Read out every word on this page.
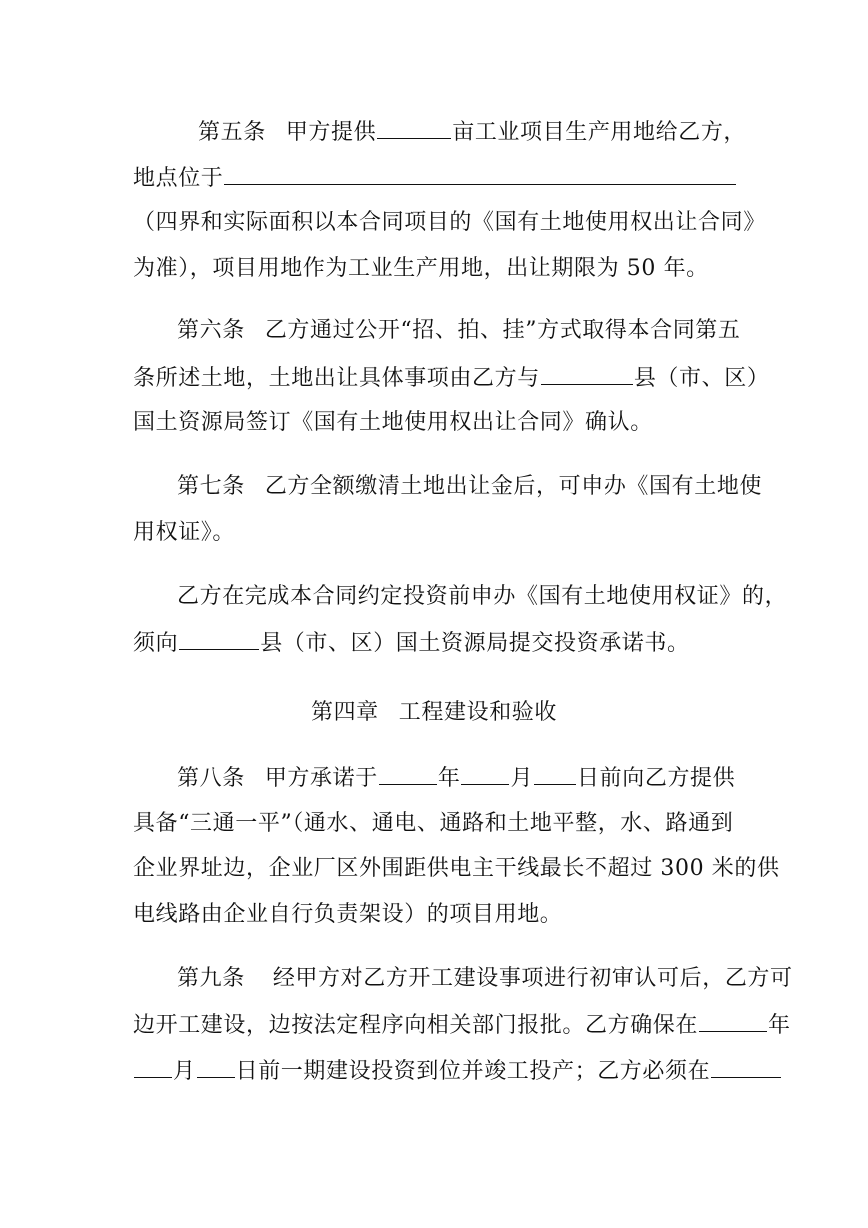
第五条 甲方提供	亩工业项目生产用地给乙方，
地点位于
（四界和实际面积以本合同项目的《国有土地使用权出让合同》
为准），项目用地作为工业生产用地，出让期限为 50 年。
第六条 乙方通过公开“招、拍、挂”方式取得本合同第五
条所述土地，土地出让具体事项由乙方与	县（市、区）
国土资源局签订《国有土地使用权出让合同》确认。
第七条 乙方全额缴清土地出让金后，可申办《国有土地使
用权证》。
乙方在完成本合同约定投资前申办《国有土地使用权证》的，
须向	县（市、区）国土资源局提交投资承诺书。
第四章 工程建设和验收
第八条 甲方承诺于	年 月 日前向乙方提供
具备“三通一平”（通水、通电、通路和土地平整，水、路通到
企业界址边，企业厂区外围距供电主干线最长不超过 300 米的供
电线路由企业自行负责架设）的项目用地。
第九条 经甲方对乙方开工建设事项进行初审认可后，乙方可
边开工建设，边按法定程序向相关部门报批。乙方确保在	年
月 日前一期建设投资到位并竣工投产；乙方必须在
